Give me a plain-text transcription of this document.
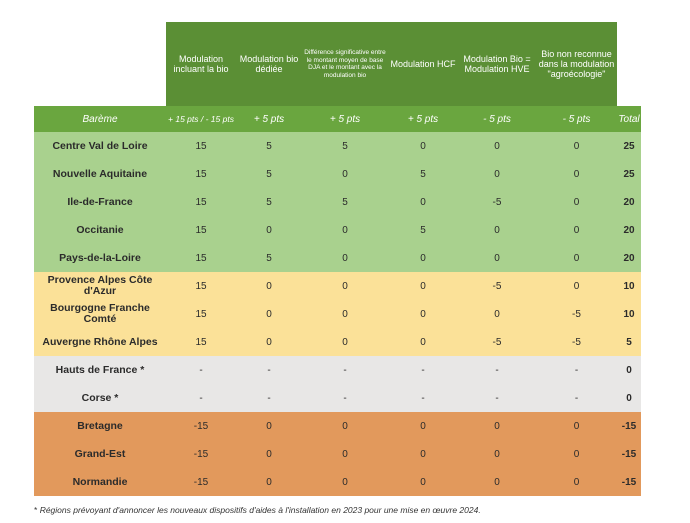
	Modulation incluant la bio	Modulation bio dédiée	Différence significative entre le montant moyen de base DJA et le montant avec la modulation bio	Modulation HCF	Modulation Bio = Modulation HVE	Bio non reconnue dans la modulation "agroécologie"	
Barème	+ 15 pts / - 15 pts	+ 5 pts	+ 5 pts	+ 5 pts	- 5 pts	- 5 pts	Total
Centre Val de Loire	15	5	5	0	0	0	25
Nouvelle Aquitaine	15	5	0	5	0	0	25
Ile-de-France	15	5	5	0	-5	0	20
Occitanie	15	0	0	5	0	0	20
Pays-de-la-Loire	15	5	0	0	0	0	20
Provence Alpes Côte d'Azur	15	0	0	0	-5	0	10
Bourgogne Franche Comté	15	0	0	0	0	-5	10
Auvergne Rhône Alpes	15	0	0	0	-5	-5	5
Hauts de France *	-	-	-	-	-	-	0
Corse *	-	-	-	-	-	-	0
Bretagne	-15	0	0	0	0	0	-15
Grand-Est	-15	0	0	0	0	0	-15
Normandie	-15	0	0	0	0	0	-15
* Régions prévoyant d'annoncer les nouveaux dispositifs d'aides à l'installation en 2023 pour une mise en œuvre 2024.
